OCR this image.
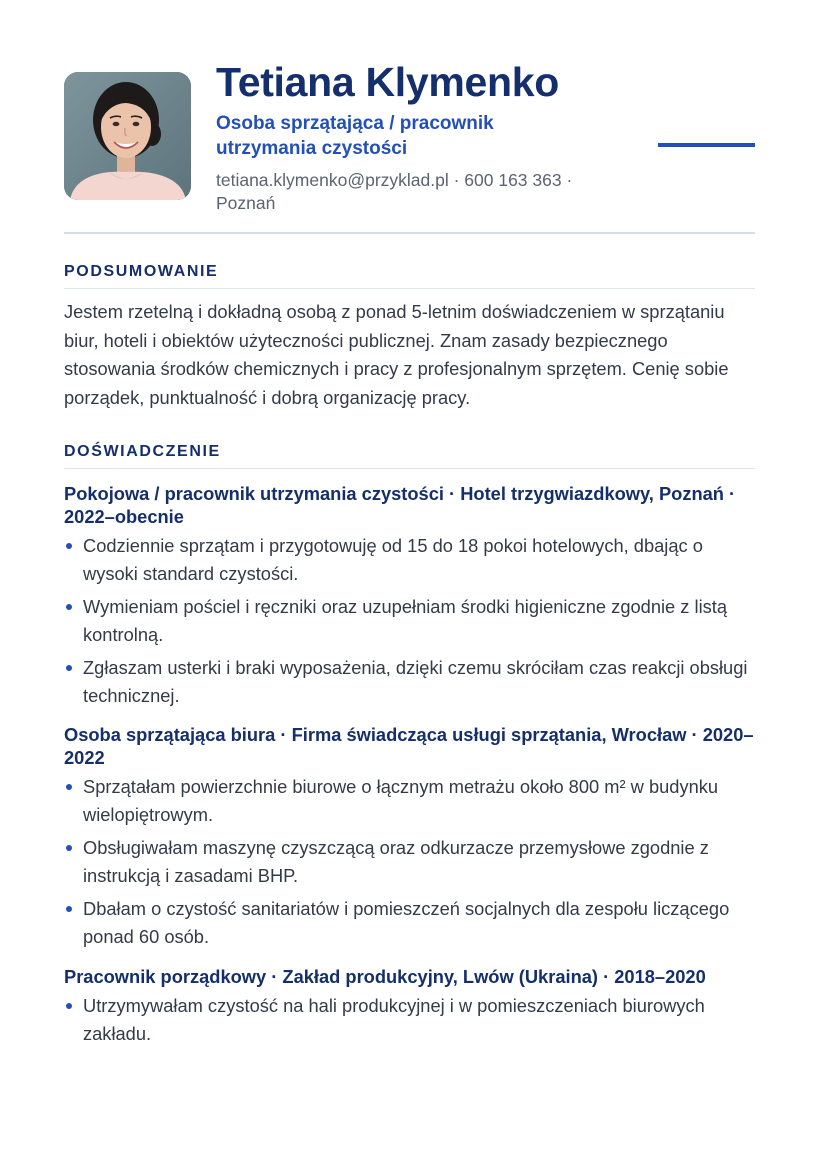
Tetiana Klymenko
Osoba sprzątająca / pracownik utrzymania czystości
tetiana.klymenko@przyklad.pl · 600 163 363 · Poznań
PODSUMOWANIE

Jestem rzetelną i dokładną osobą z ponad 5-letnim doświadczeniem w sprzątaniu biur, hoteli i obiektów użyteczności publicznej. Znam zasady bezpiecznego stosowania środków chemicznych i pracy z profesjonalnym sprzętem. Cenię sobie porządek, punktualność i dobrą organizację pracy.

DOŚWIADCZENIE
Pokojowa / pracownik utrzymania czystości · Hotel trzygwiazdkowy, Poznań · 2022–obecnie
Codziennie sprzątam i przygotowuję od 15 do 18 pokoi hotelowych, dbając o wysoki standard czystości.
Wymieniam pościel i ręczniki oraz uzupełniam środki higieniczne zgodnie z listą kontrolną.
Zgłaszam usterki i braki wyposażenia, dzięki czemu skróciłam czas reakcji obsługi technicznej.
Osoba sprzątająca biura · Firma świadcząca usługi sprzątania, Wrocław · 2020–2022
Sprzątałam powierzchnie biurowe o łącznym metrażu około 800 m² w budynku wielopiętrowym.
Obsługiwałam maszynę czyszczącą oraz odkurzacze przemysłowe zgodnie z instrukcją i zasadami BHP.
Dbałam o czystość sanitariatów i pomieszczeń socjalnych dla zespołu liczącego ponad 60 osób.
Pracownik porządkowy · Zakład produkcyjny, Lwów (Ukraina) · 2018–2020
Utrzymywałam czystość na hali produkcyjnej i w pomieszczeniach biurowych zakładu.
